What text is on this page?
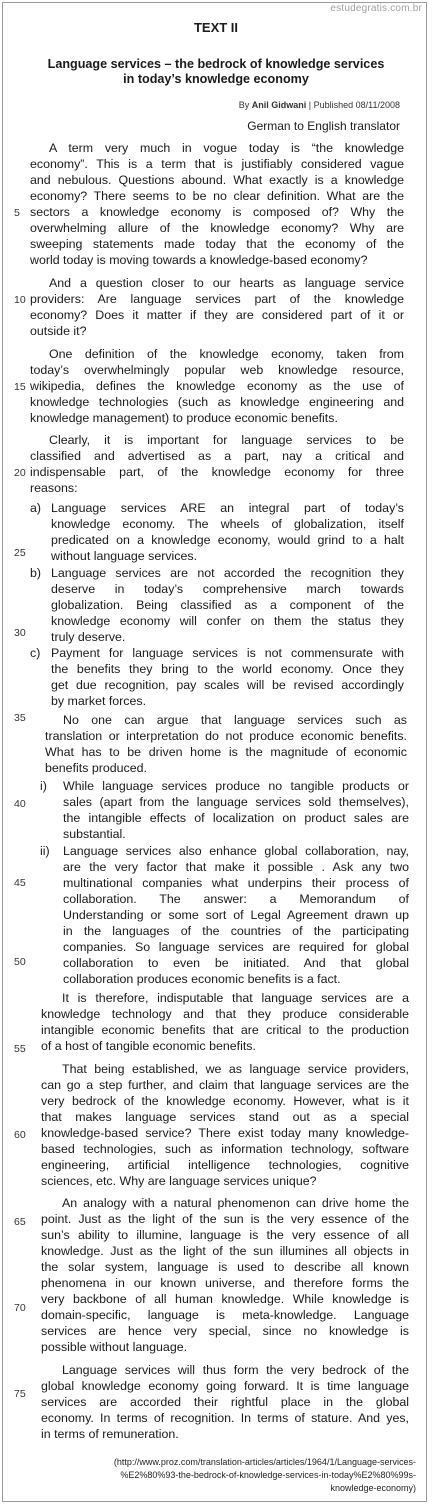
estudegratis.com.br
TEXT II
Language services – the bedrock of knowledge services
in today’s knowledge economy
By Anil Gidwani | Published 08/11/2008
German to English translator
5
10
15
20
25
30
35
40
45
50
55
60
65
70
75
A term very much in vogue today is “the knowledge
economy”. This is a term that is justifiably considered vague
and nebulous. Questions abound. What exactly is a knowledge
economy? There seems to be no clear definition. What are the
sectors a knowledge economy is composed of? Why the
overwhelming allure of the knowledge economy? Why are
sweeping statements made today that the economy of the
world today is moving towards a knowledge-based economy?
And a question closer to our hearts as language service
providers: Are language services part of the knowledge
economy? Does it matter if they are considered part of it or
outside it?
One definition of the knowledge economy, taken from
today’s overwhelmingly popular web knowledge resource,
wikipedia, defines the knowledge economy as the use of
knowledge technologies (such as knowledge engineering and
knowledge management) to produce economic benefits.
Clearly, it is important for language services to be
classified and advertised as a part, nay a critical and
indispensable part, of the knowledge economy for three
reasons:
a) Language services ARE an integral part of today’s
knowledge economy. The wheels of globalization, itself
predicated on a knowledge economy, would grind to a halt
without language services.
b) Language services are not accorded the recognition they
deserve in today’s comprehensive march towards
globalization. Being classified as a component of the
knowledge economy will confer on them the status they
truly deserve.
c) Payment for language services is not commensurate with
the benefits they bring to the world economy. Once they
get due recognition, pay scales will be revised accordingly
by market forces.
No one can argue that language services such as
translation or interpretation do not produce economic benefits.
What has to be driven home is the magnitude of economic
benefits produced.
i) While language services produce no tangible products or
sales (apart from the language services sold themselves),
the intangible effects of localization on product sales are
substantial.
ii) Language services also enhance global collaboration, nay,
are the very factor that make it possible . Ask any two
multinational companies what underpins their process of
collaboration. The answer: a Memorandum of
Understanding or some sort of Legal Agreement drawn up
in the languages of the countries of the participating
companies. So language services are required for global
collaboration to even be initiated. And that global
collaboration produces economic benefits is a fact.
It is therefore, indisputable that language services are a
knowledge technology and that they produce considerable
intangible economic benefits that are critical to the production
of a host of tangible economic benefits.
That being established, we as language service providers,
can go a step further, and claim that language services are the
very bedrock of the knowledge economy. However, what is it
that makes language services stand out as a special
knowledge-based service? There exist today many knowledge-
based technologies, such as information technology, software
engineering, artificial intelligence technologies, cognitive
sciences, etc. Why are language services unique?
An analogy with a natural phenomenon can drive home the
point. Just as the light of the sun is the very essence of the
sun’s ability to illumine, language is the very essence of all
knowledge. Just as the light of the sun illumines all objects in
the solar system, language is used to describe all known
phenomena in our known universe, and therefore forms the
very backbone of all human knowledge. While knowledge is
domain-specific, language is meta-knowledge. Language
services are hence very special, since no knowledge is
possible without language.
Language services will thus form the very bedrock of the
global knowledge economy going forward. It is time language
services are accorded their rightful place in the global
economy. In terms of recognition. In terms of stature. And yes,
in terms of remuneration.
(http://www.proz.com/translation-articles/articles/1964/1/Language-services-
%E2%80%93-the-bedrock-of-knowledge-services-in-today%E2%80%99s-
knowledge-economy)
